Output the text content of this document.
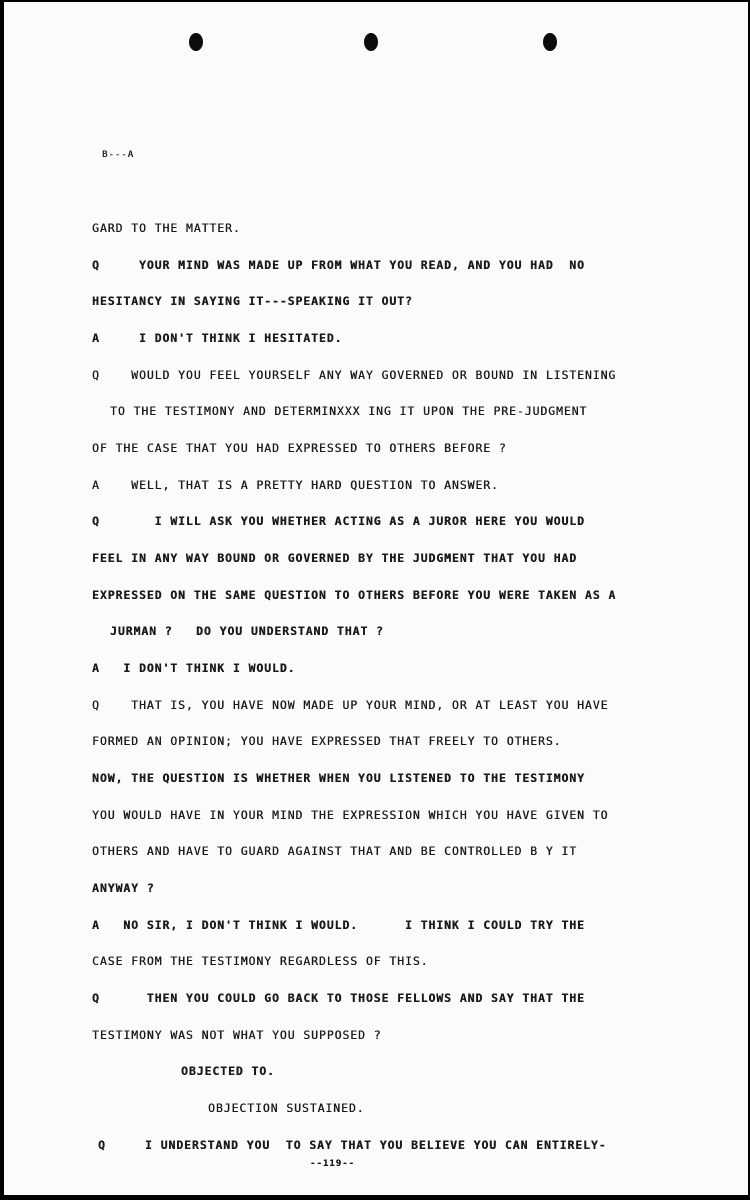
B---A
GARD TO THE MATTER.
Q     YOUR MIND WAS MADE UP FROM WHAT YOU READ, AND YOU HAD  NO
HESITANCY IN SAYING IT---SPEAKING IT OUT?
A     I DON'T THINK I HESITATED.
Q    WOULD YOU FEEL YOURSELF ANY WAY GOVERNED OR BOUND IN LISTENING
TO THE TESTIMONY AND DETERMINXXX ING IT UPON THE PRE-JUDGMENT
OF THE CASE THAT YOU HAD EXPRESSED TO OTHERS BEFORE ?
A    WELL, THAT IS A PRETTY HARD QUESTION TO ANSWER.
Q       I WILL ASK YOU WHETHER ACTING AS A JUROR HERE YOU WOULD
FEEL IN ANY WAY BOUND OR GOVERNED BY THE JUDGMENT THAT YOU HAD
EXPRESSED ON THE SAME QUESTION TO OTHERS BEFORE YOU WERE TAKEN AS A
JURMAN ?   DO YOU UNDERSTAND THAT ?
A   I DON'T THINK I WOULD.
Q    THAT IS, YOU HAVE NOW MADE UP YOUR MIND, OR AT LEAST YOU HAVE
FORMED AN OPINION; YOU HAVE EXPRESSED THAT FREELY TO OTHERS.
NOW, THE QUESTION IS WHETHER WHEN YOU LISTENED TO THE TESTIMONY
YOU WOULD HAVE IN YOUR MIND THE EXPRESSION WHICH YOU HAVE GIVEN TO
OTHERS AND HAVE TO GUARD AGAINST THAT AND BE CONTROLLED B Y IT
ANYWAY ?
A   NO SIR, I DON'T THINK I WOULD.      I THINK I COULD TRY THE
CASE FROM THE TESTIMONY REGARDLESS OF THIS.
Q      THEN YOU COULD GO BACK TO THOSE FELLOWS AND SAY THAT THE
TESTIMONY WAS NOT WHAT YOU SUPPOSED ?
OBJECTED TO.
OBJECTION SUSTAINED.
Q     I UNDERSTAND YOU  TO SAY THAT YOU BELIEVE YOU CAN ENTIRELY-
--119--
